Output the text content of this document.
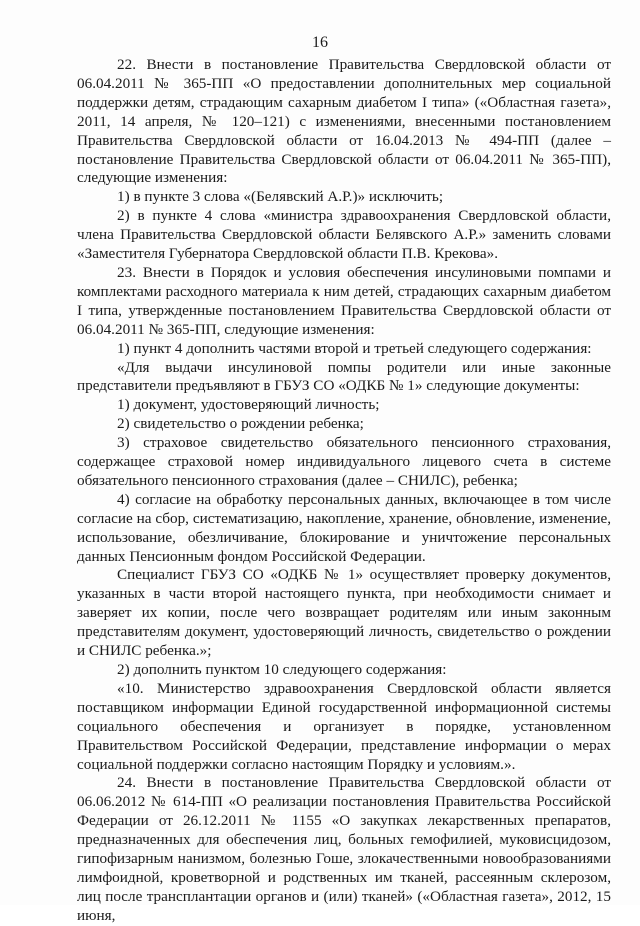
16

22. Внести в постановление Правительства Свердловской области от 06.04.2011 № 365-ПП «О предоставлении дополнительных мер социальной поддержки детям, страдающим сахарным диабетом I типа» («Областная газета», 2011, 14 апреля, № 120–121) с изменениями, внесенными постановлением Правительства Свердловской области от 16.04.2013 № 494-ПП (далее – постановление Правительства Свердловской области от 06.04.2011 № 365-ПП), следующие изменения:

1) в пункте 3 слова «(Белявский А.Р.)» исключить;

2) в пункте 4 слова «министра здравоохранения Свердловской области, члена Правительства Свердловской области Белявского А.Р.» заменить словами «Заместителя Губернатора Свердловской области П.В. Крекова».

23. Внести в Порядок и условия обеспечения инсулиновыми помпами и комплектами расходного материала к ним детей, страдающих сахарным диабетом I типа, утвержденные постановлением Правительства Свердловской области от 06.04.2011 № 365-ПП, следующие изменения:

1) пункт 4 дополнить частями второй и третьей следующего содержания:

«Для выдачи инсулиновой помпы родители или иные законные представители предъявляют в ГБУЗ СО «ОДКБ № 1» следующие документы:

1) документ, удостоверяющий личность;

2) свидетельство о рождении ребенка;

3) страховое свидетельство обязательного пенсионного страхования, содержащее страховой номер индивидуального лицевого счета в системе обязательного пенсионного страхования (далее – СНИЛС), ребенка;

4) согласие на обработку персональных данных, включающее в том числе согласие на сбор, систематизацию, накопление, хранение, обновление, изменение, использование, обезличивание, блокирование и уничтожение персональных данных Пенсионным фондом Российской Федерации.

Специалист ГБУЗ СО «ОДКБ № 1» осуществляет проверку документов, указанных в части второй настоящего пункта, при необходимости снимает и заверяет их копии, после чего возвращает родителям или иным законным представителям документ, удостоверяющий личность, свидетельство о рождении и СНИЛС ребенка.»;

2) дополнить пунктом 10 следующего содержания:

«10. Министерство здравоохранения Свердловской области является поставщиком информации Единой государственной информационной системы социального обеспечения и организует в порядке, установленном Правительством Российской Федерации, представление информации о мерах социальной поддержки согласно настоящим Порядку и условиям.».

24. Внести в постановление Правительства Свердловской области от 06.06.2012 № 614-ПП «О реализации постановления Правительства Российской Федерации от 26.12.2011 № 1155 «О закупках лекарственных препаратов, предназначенных для обеспечения лиц, больных гемофилией, муковисцидозом, гипофизарным нанизмом, болезнью Гоше, злокачественными новообразованиями лимфоидной, кроветворной и родственных им тканей, рассеянным склерозом, лиц после трансплантации органов и (или) тканей» («Областная газета», 2012, 15 июня,
